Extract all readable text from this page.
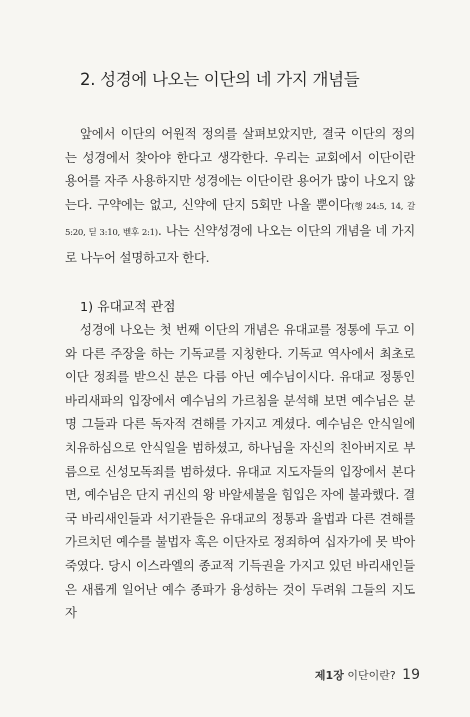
2. 성경에 나오는 이단의 네 가지 개념들

앞에서 이단의 어원적 정의를 살펴보았지만, 결국 이단의 정의는 성경에서 찾아야 한다고 생각한다. 우리는 교회에서 이단이란 용어를 자주 사용하지만 성경에는 이단이란 용어가 많이 나오지 않는다. 구약에는 없고, 신약에 단지 5회만 나올 뿐이다(행 24:5, 14, 갈 5:20, 딛 3:10, 벧후 2:1). 나는 신약성경에 나오는 이단의 개념을 네 가지로 나누어 설명하고자 한다.

1) 유대교적 관점

성경에 나오는 첫 번째 이단의 개념은 유대교를 정통에 두고 이와 다른 주장을 하는 기독교를 지칭한다. 기독교 역사에서 최초로 이단 정죄를 받으신 분은 다름 아닌 예수님이시다. 유대교 정통인 바리새파의 입장에서 예수님의 가르침을 분석해 보면 예수님은 분명 그들과 다른 독자적 견해를 가지고 계셨다. 예수님은 안식일에 치유하심으로 안식일을 범하셨고, 하나님을 자신의 친아버지로 부름으로 신성모독죄를 범하셨다. 유대교 지도자들의 입장에서 본다면, 예수님은 단지 귀신의 왕 바알세불을 힘입은 자에 불과했다. 결국 바리새인들과 서기관들은 유대교의 정통과 율법과 다른 견해를 가르치던 예수를 불법자 혹은 이단자로 정죄하여 십자가에 못 박아 죽였다. 당시 이스라엘의 종교적 기득권을 가지고 있던 바리새인들은 새롭게 일어난 예수 종파가 융성하는 것이 두려워 그들의 지도자

제1장 이단이란? 19
